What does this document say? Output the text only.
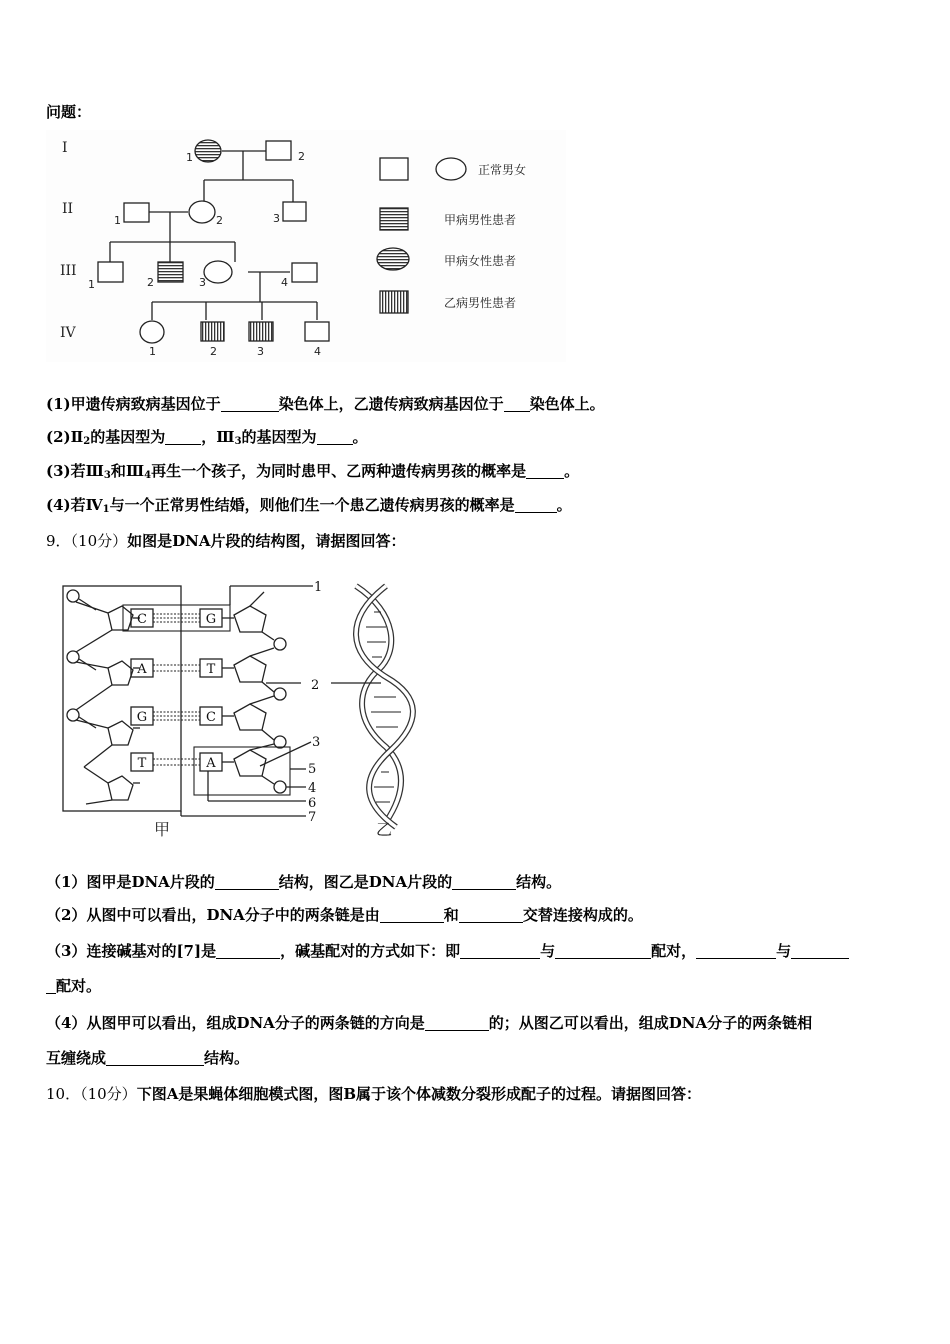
问题：
I
II
III
IV
1	2
1	2	3
1	2	3	4
1	2	3	4
正常男女
甲病男性患者
甲病女性患者
乙病男性患者
(1)甲遗传病致病基因位于	染色体上，乙遗传病致病基因位于 染色体上。
$(2)Ⅱ_2$的基因型为 ，$Ⅲ_3$的基因型为 。
(3)若$Ⅲ_3$和$Ⅲ_4$再生一个孩子，为同时患甲、乙两种遗传病男孩的概率是	。
(4)若$Ⅳ_1$与一个正常男性结婚，则他们生一个患乙遗传病男孩的概率是	。
9．（10分）如图是DNA片段的结构图，请据图回答：
C
A
G
T
G
T
C
A
1
2
3
4
5
6
7
甲	乙
（1）图甲是DNA片段的	结构，图乙是DNA片段的	结构。
（2）从图中可以看出，DNA分子中的两条链是由	和	交替连接构成的。
（3）连接碱基对的[7]是	，碱基配对的方式如下：即	与	配对，	与
配对。
（4）从图甲可以看出，组成DNA分子的两条链的方向是	的；从图乙可以看出，组成DNA分子的两条链相
互缠绕成	结构。
10．（10分）下图A是果蝇体细胞模式图，图B属于该个体减数分裂形成配子的过程。请据图回答：
